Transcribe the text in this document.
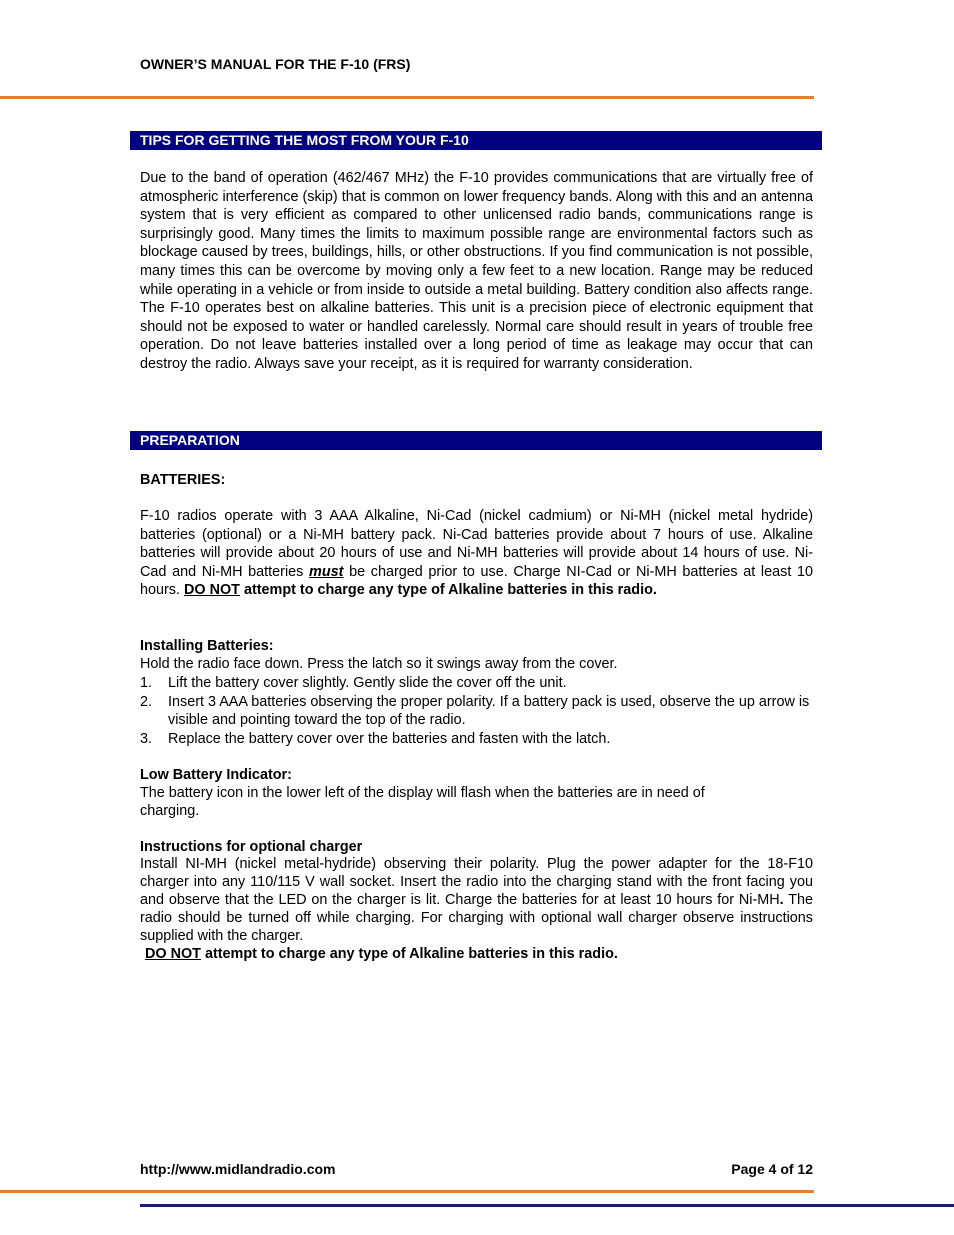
OWNER’S MANUAL FOR THE F-10 (FRS)
TIPS FOR GETTING THE MOST FROM YOUR F-10
Due to the band of operation (462/467 MHz) the F-10 provides communications that are virtually free of atmospheric interference (skip) that is common on lower frequency bands. Along with this and an antenna system that is very efficient as compared to other unlicensed radio bands, communications range is surprisingly good. Many times the limits to maximum possible range are environmental factors such as blockage caused by trees, buildings, hills, or other obstructions. If you find communication is not possible, many times this can be overcome by moving only a few feet to a new location. Range may be reduced while operating in a vehicle or from inside to outside a metal building. Battery condition also affects range. The F-10 operates best on alkaline batteries. This unit is a precision piece of electronic equipment that should not be exposed to water or handled carelessly. Normal care should result in years of trouble free operation. Do not leave batteries installed over a long period of time as leakage may occur that can destroy the radio. Always save your receipt, as it is required for warranty consideration.
PREPARATION
BATTERIES:
F-10 radios operate with 3 AAA Alkaline, Ni-Cad (nickel cadmium) or Ni-MH (nickel metal hydride) batteries (optional) or a Ni-MH battery pack. Ni-Cad batteries provide about 7 hours of use. Alkaline batteries will provide about 20 hours of use and Ni-MH batteries will provide about 14 hours of use. Ni-Cad and Ni-MH batteries must be charged prior to use. Charge NI-Cad or Ni-MH batteries at least 10 hours. DO NOT attempt to charge any type of Alkaline batteries in this radio.
Installing Batteries:
Hold the radio face down. Press the latch so it swings away from the cover.
1. Lift the battery cover slightly. Gently slide the cover off the unit.
2. Insert 3 AAA batteries observing the proper polarity. If a battery pack is used, observe the up arrow is visible and pointing toward the top of the radio.
3. Replace the battery cover over the batteries and fasten with the latch.
Low Battery Indicator:
The battery icon in the lower left of the display will flash when the batteries are in need of charging.
Instructions for optional charger
Install NI-MH (nickel metal-hydride) observing their polarity. Plug the power adapter for the 18-F10 charger into any 110/115 V wall socket. Insert the radio into the charging stand with the front facing you and observe that the LED on the charger is lit. Charge the batteries for at least 10 hours for Ni-MH. The radio should be turned off while charging. For charging with optional wall charger observe instructions supplied with the charger.
DO NOT attempt to charge any type of Alkaline batteries in this radio.
http://www.midlandradio.com	Page 4 of 12
